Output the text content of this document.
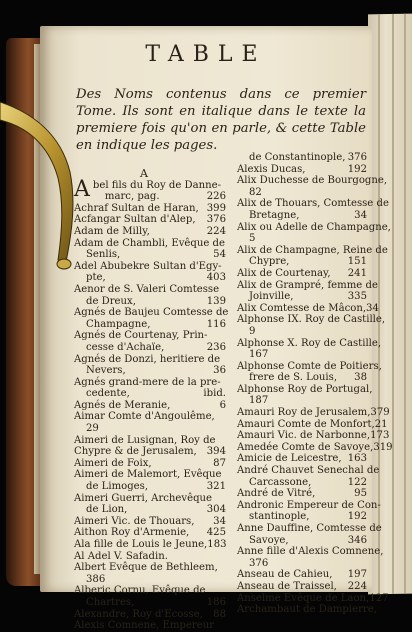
TABLE
Des Noms contenus dans ce premier Tome. Ils sont en italique dans le texte la premiere fois qu'on en parle, & cette Table en indique les pages.
A
A bel fils du Roy de Danne-
marc, pag.	226
Achraf Sultan de Haran, 399
Acfangar Sultan d'Alep, 376
Adam de Milly,	224
Adam de Chambli, Evêque de
Senlis,	54
Adel Abubekre Sultan d'Egy-
pte,	403
Aenor de S. Valeri Comtesse
de Dreux,	139
Agnés de Baujeu Comtesse de
Champagne,	116
Agnés de Courtenay, Prin-
cesse d'Achaïe,	236
Agnés de Donzi, heritiere de
Nevers,	36
Agnés grand-mere de la pre-
cedente,	ibid.
Agnés de Meranie,	6
Aimar Comte d'Angoulême,
29
Aimeri de Lusignan, Roy de
Chypre & de Jerusalem, 394
Aimeri de Foix,	87
Aimeri de Malemort, Evêque
de Limoges,	321
Aimeri Guerri, Archevêque
de Lion,	304
Aimeri Vic. de Thouars, 34
Aithon Roy d'Armenie, 425
Ala fille de Louis le Jeune, 183
Al Adel V. Safadin.
Albert Evêque de Bethleem,
386
Alberic Cornu, Evêque de
Chartres,	186
Alexandre, Roy d'Ecosse, 88
Alexis Comnene, Empereur
de Constantinople, 376
Alexis Ducas,	192
Alix Duchesse de Bourgogne,
82
Alix de Thouars, Comtesse de
Bretagne,	34
Alix ou Adelle de Champagne,
5
Alix de Champagne, Reine de
Chypre,	151
Alix de Courtenay, 241
Alix de Grampré, femme de
Joinville,	335
Alix Comtesse de Mâcon, 34
Alphonse IX. Roy de Castille,
9
Alphonse X. Roy de Castille,
167
Alphonse Comte de Poitiers,
frere de S. Louis, 38
Alphonse Roy de Portugal,
187
Amauri Roy de Jerusalem, 379
Amauri Comte de Monfort, 21
Amauri Vic. de Narbonne, 173
Amedée Comte de Savoye, 319
Amicie de Leicestre, 163
André Chauvet Senechal de
Carcassone,	122
André de Vitré,	95
Andronic Empereur de Con-
stantinople,	192
Anne Dauffine, Comtesse de
Savoye,	346
Anne fille d'Alexis Comnene,
376
Anseau de Cahieu, 197
Anseau de Traissel, 224
Anselme Evêque de Laon, 127
Archambaut de Dampierre,
